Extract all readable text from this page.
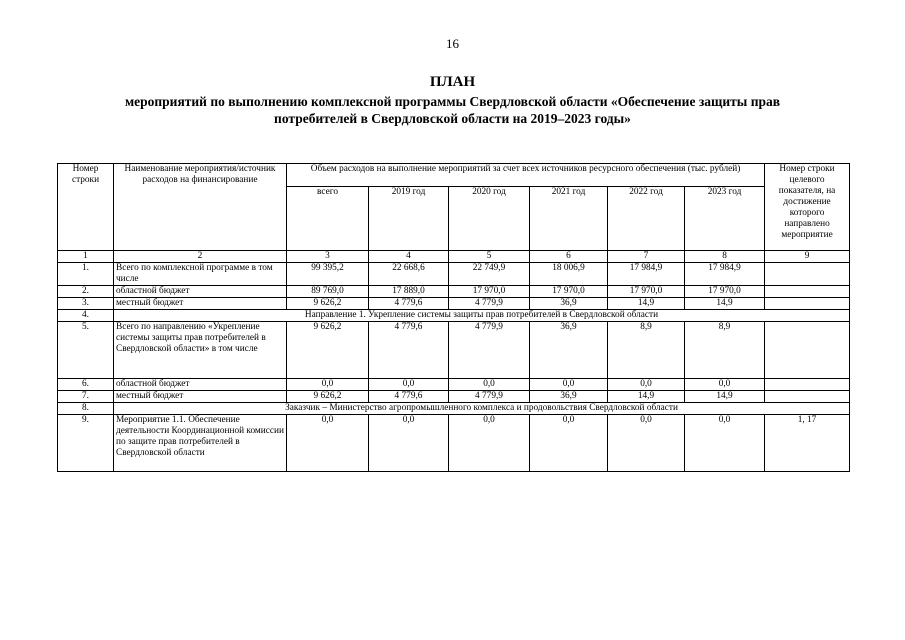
16
ПЛАН
мероприятий по выполнению комплексной программы Свердловской области «Обеспечение защиты прав
потребителей в Свердловской области на 2019–2023 годы»
Номер строки	Наименование мероприятия/источник расходов на финансирование	Объем расходов на выполнение мероприятий за счет всех источников ресурсного обеспечения (тыс. рублей)						Номер строки целевого показателя, на достижение которого направлено мероприятие
		всего	2019 год	2020 год	2021 год	2022 год	2023 год	
1	2	3	4	5	6	7	8	9
1.	Всего по комплексной программе в том числе	99 395,2	22 668,6	22 749,9	18 006,9	17 984,9	17 984,9	
2.	областной бюджет	89 769,0	17 889,0	17 970,0	17 970,0	17 970,0	17 970,0	
3.	местный бюджет	9 626,2	4 779,6	4 779,9	36,9	14,9	14,9	
4.	Направление 1. Укрепление системы защиты прав потребителей в Свердловской области							
5.	Всего по направлению «Укрепление системы защиты прав потребителей в Свердловской области» в том числе	9 626,2	4 779,6	4 779,9	36,9	8,9	8,9	
6.	областной бюджет	0,0	0,0	0,0	0,0	0,0	0,0	
7.	местный бюджет	9 626,2	4 779,6	4 779,9	36,9	14,9	14,9	
8.	Заказчик – Министерство агропромышленного комплекса и продовольствия Свердловской области							
9.	Мероприятие 1.1. Обеспечение деятельности Координационной комиссии по защите прав потребителей в Свердловской области	0,0	0,0	0,0	0,0	0,0	0,0	1, 17
